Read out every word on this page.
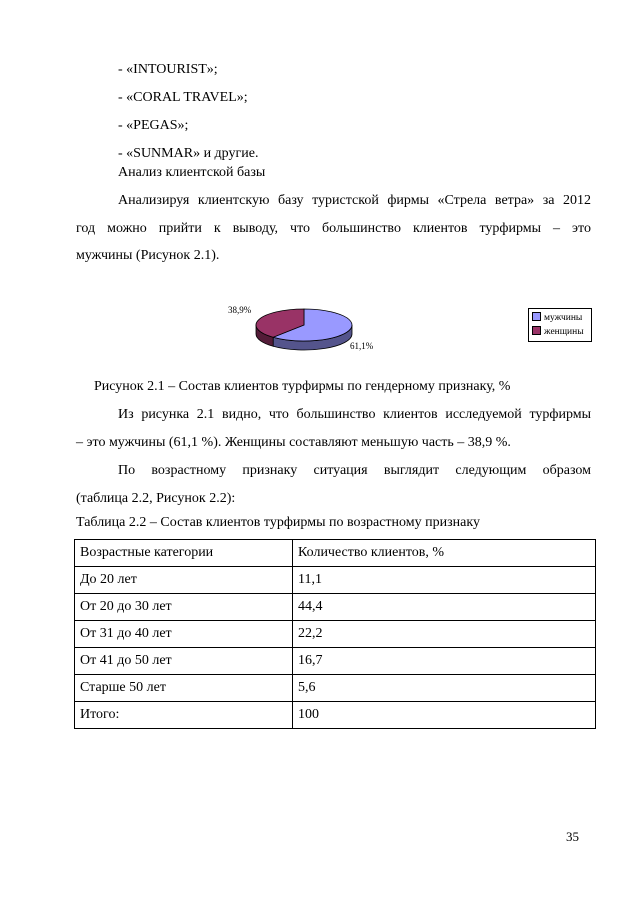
- «INTOURIST»;
- «CORAL TRAVEL»;
- «PEGAS»;
- «SUNMAR» и другие.
Анализ клиентской базы
Анализируя клиентскую базу туристской фирмы «Стрела ветра» за 2012
год можно прийти к выводу, что большинство клиентов турфирмы – это
мужчины (Рисунок 2.1).
61,1%
38,9%
мужчины
женщины
Рисунок 2.1 – Состав клиентов турфирмы по гендерному признаку, %
Из рисунка 2.1 видно, что большинство клиентов исследуемой турфирмы
– это мужчины (61,1 %). Женщины составляют меньшую часть – 38,9 %.
По возрастному признаку ситуация выглядит следующим образом
(таблица 2.2, Рисунок 2.2):
Таблица 2.2 – Состав клиентов турфирмы по возрастному признаку
Возрастные категории	Количество клиентов, %
До 20 лет	11,1
От 20 до 30 лет	44,4
От 31 до 40 лет	22,2
От 41 до 50 лет	16,7
Старше 50 лет	5,6
Итого:	100
35
